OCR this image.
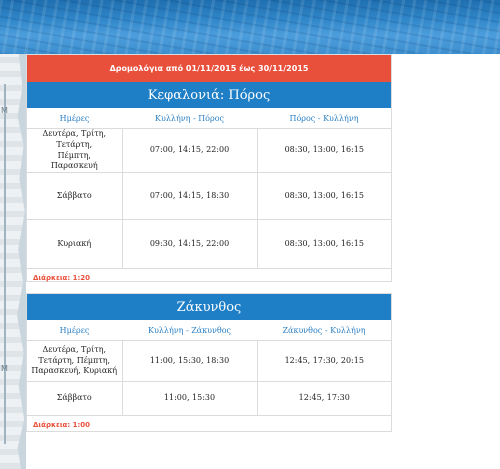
M
M
Δρομολόγια από 01/11/2015 έως 30/11/2015
Κεφαλονιά: Πόρος
Ημέρες	Κυλλήνη - Πόρος	Πόρος - Κυλλήνη
Δευτέρα, Τρίτη, Τετάρτη, Πέμπτη, Παρασκευή	07:00, 14:15, 22:00	08:30, 13:00, 16:15
Σάββατο	07:00, 14:15, 18:30	08:30, 13:00, 16:15
Κυριακή	09:30, 14:15, 22:00	08:30, 13:00, 16:15
Διάρκεια: 1:20
Ζάκυνθος
Ημέρες	Κυλλήνη - Ζάκυνθος	Ζάκυνθος - Κυλλήνη
Δευτέρα, Τρίτη, Τετάρτη, Πέμπτη, Παρασκευή, Κυριακή	11:00, 15:30, 18:30	12:45, 17:30, 20:15
Σάββατο	11:00, 15:30	12:45, 17:30
Διάρκεια: 1:00
